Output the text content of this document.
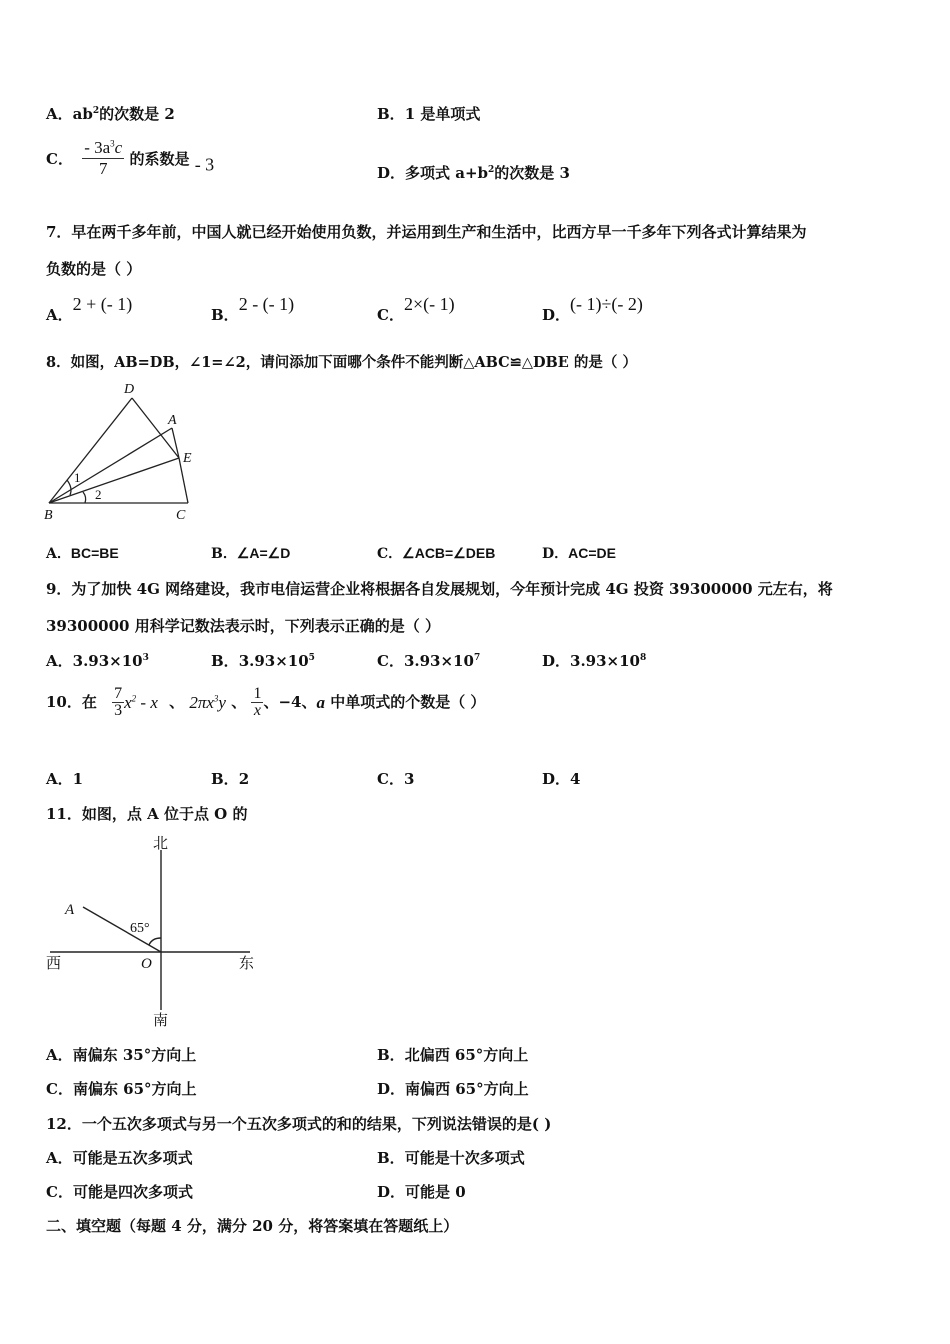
A．$ab^2$的次数是 2	B．1 是单项式
C． $\frac{- 3a^3c}{7}$ 的系数是 - 3	D．多项式 $a+b^2$的次数是 3
7．早在两千多年前，中国人就已经开始使用负数，并运用到生产和生活中，比西方早一千多年下列各式计算结果为
负数的是（ ）
A．2 + (- 1)
B．2 - (- 1)
C．2×(- 1)
D．(- 1)÷(- 2)
8．如图，AB=DB，∠1=∠2，请问添加下面哪个条件不能判断△ABC≌△DBE 的是（ ）
D
A
E
B	C
1
2
A．BC=BE	B．∠A=∠D	C．∠ACB=∠DEB	D．AC=DE
9．为了加快 4G 网络建设，我市电信运营企业将根据各自发展规划，今年预计完成 4G 投资 39300000 元左右，将
39300000 用科学记数法表示时，下列表示正确的是（ ）
A．$3.93\times 10^3$	B．$3.93\times 10^5$	C．$3.93\times 10^7$	D．$3.93\times 10^8$
10．在 $\frac{7}{3} x^2$ - x 、 $2\pi x^3y$ 、 $\frac{1}{x}$ 、−4、a 中单项式的个数是（ ）
A．1	B．2	C．3	D．4
11．如图，点 A 位于点 O 的
北
南
西	东
A
O
65°
A．南偏东 35°方向上	B．北偏西 65°方向上
C．南偏东 65°方向上	D．南偏西 65°方向上
12．一个五次多项式与另一个五次多项式的和的结果，下列说法错误的是( )
A．可能是五次多项式	B．可能是十次多项式
C．可能是四次多项式	D．可能是 0
二、填空题（每题 4 分，满分 20 分，将答案填在答题纸上）
